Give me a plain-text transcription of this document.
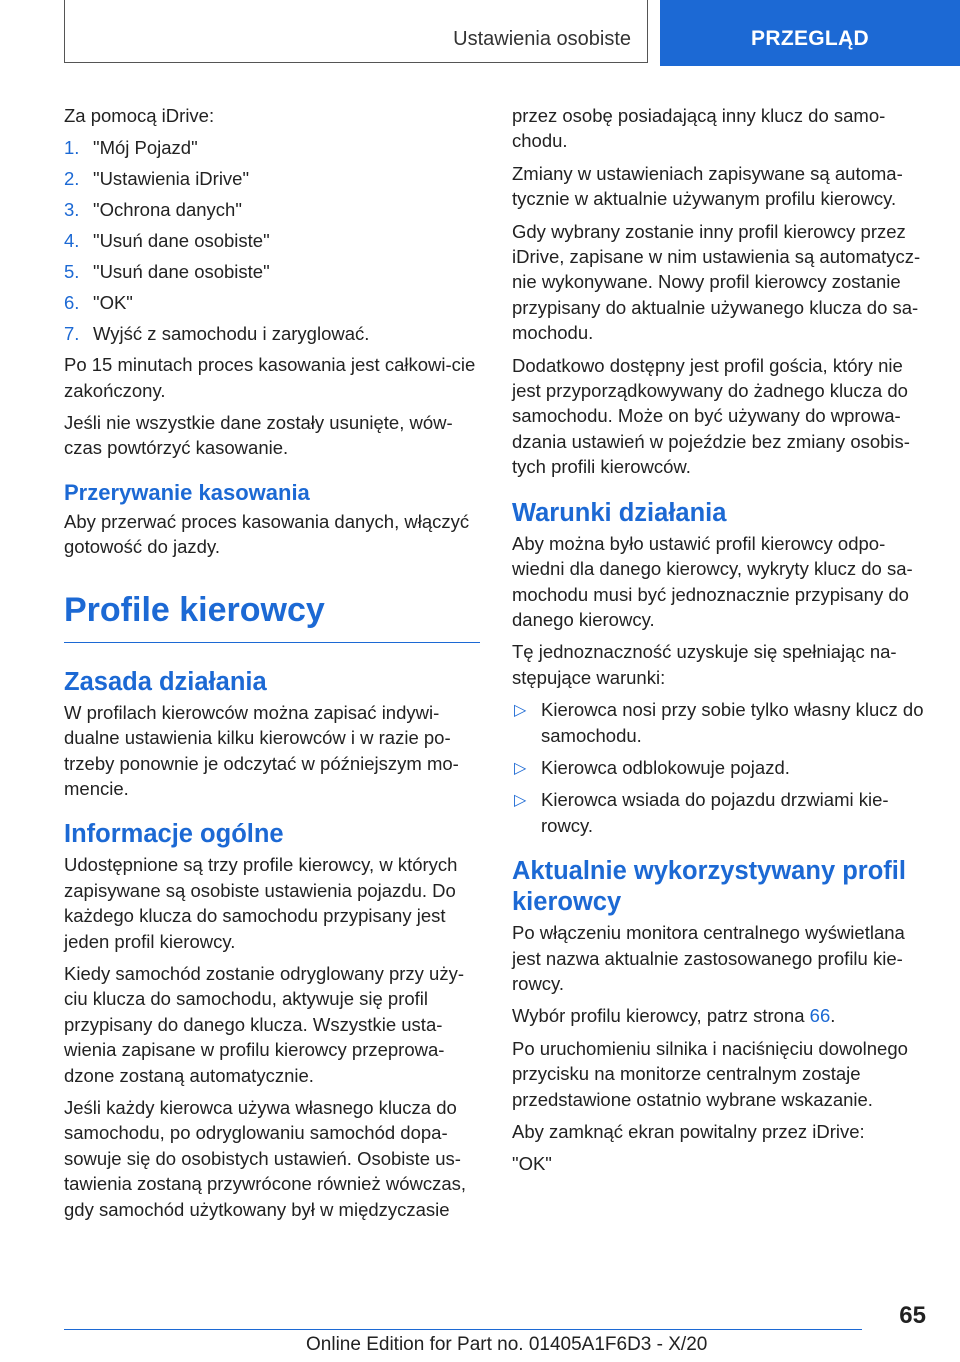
Ustawienia osobiste	PRZEGLĄD

Za pomocą iDrive:

1. "Mój Pojazd"
2. "Ustawienia iDrive"
3. "Ochrona danych"
4. "Usuń dane osobiste"
5. "Usuń dane osobiste"
6. "OK"
7. Wyjść z samochodu i zaryglować.

Po 15 minutach proces kasowania jest całkowi‐cie zakończony.

Jeśli nie wszystkie dane zostały usunięte, wów‐czas powtórzyć kasowanie.

Przerywanie kasowania

Aby przerwać proces kasowania danych, włączyć gotowość do jazdy.

Profile kierowcy
Zasada działania

W profilach kierowców można zapisać indywi‐dualne ustawienia kilku kierowców i w razie po‐trzeby ponownie je odczytać w późniejszym mo‐mencie.

Informacje ogólne

Udostępnione są trzy profile kierowcy, w których zapisywane są osobiste ustawienia pojazdu. Do każdego klucza do samochodu przypisany jest jeden profil kierowcy.

Kiedy samochód zostanie odryglowany przy uży‐ciu klucza do samochodu, aktywuje się profil przypisany do danego klucza. Wszystkie usta‐wienia zapisane w profilu kierowcy przeprowa‐dzone zostaną automatycznie.

Jeśli każdy kierowca używa własnego klucza do samochodu, po odryglowaniu samochód dopa‐sowuje się do osobistych ustawień. Osobiste us‐tawienia zostaną przywrócone również wówczas, gdy samochód użytkowany był w międzyczasie

przez osobę posiadającą inny klucz do samo‐chodu.

Zmiany w ustawieniach zapisywane są automa‐tycznie w aktualnie używanym profilu kierowcy.

Gdy wybrany zostanie inny profil kierowcy przez iDrive, zapisane w nim ustawienia są automatycz‐nie wykonywane. Nowy profil kierowcy zostanie przypisany do aktualnie używanego klucza do sa‐mochodu.

Dodatkowo dostępny jest profil gościa, który nie jest przyporządkowywany do żadnego klucza do samochodu. Może on być używany do wprowa‐dzania ustawień w pojeździe bez zmiany osobis‐tych profili kierowców.

Warunki działania

Aby można było ustawić profil kierowcy odpo‐wiedni dla danego kierowcy, wykryty klucz do sa‐mochodu musi być jednoznacznie przypisany do danego kierowcy.

Tę jednoznaczność uzyskuje się spełniając na‐stępujące warunki:

▷ Kierowca nosi przy sobie tylko własny klucz do samochodu.
▷ Kierowca odblokowuje pojazd.
▷ Kierowca wsiada do pojazdu drzwiami kie‐rowcy.
Aktualnie wykorzystywany profil kierowcy

Po włączeniu monitora centralnego wyświetlana jest nazwa aktualnie zastosowanego profilu kie‐rowcy.

Wybór profilu kierowcy, patrz strona 66.

Po uruchomieniu silnika i naciśnięciu dowolnego przycisku na monitorze centralnym zostaje przedstawione ostatnio wybrane wskazanie.

Aby zamknąć ekran powitalny przez iDrive:

"OK"

65
Online Edition for Part no. 01405A1F6D3 - X/20
